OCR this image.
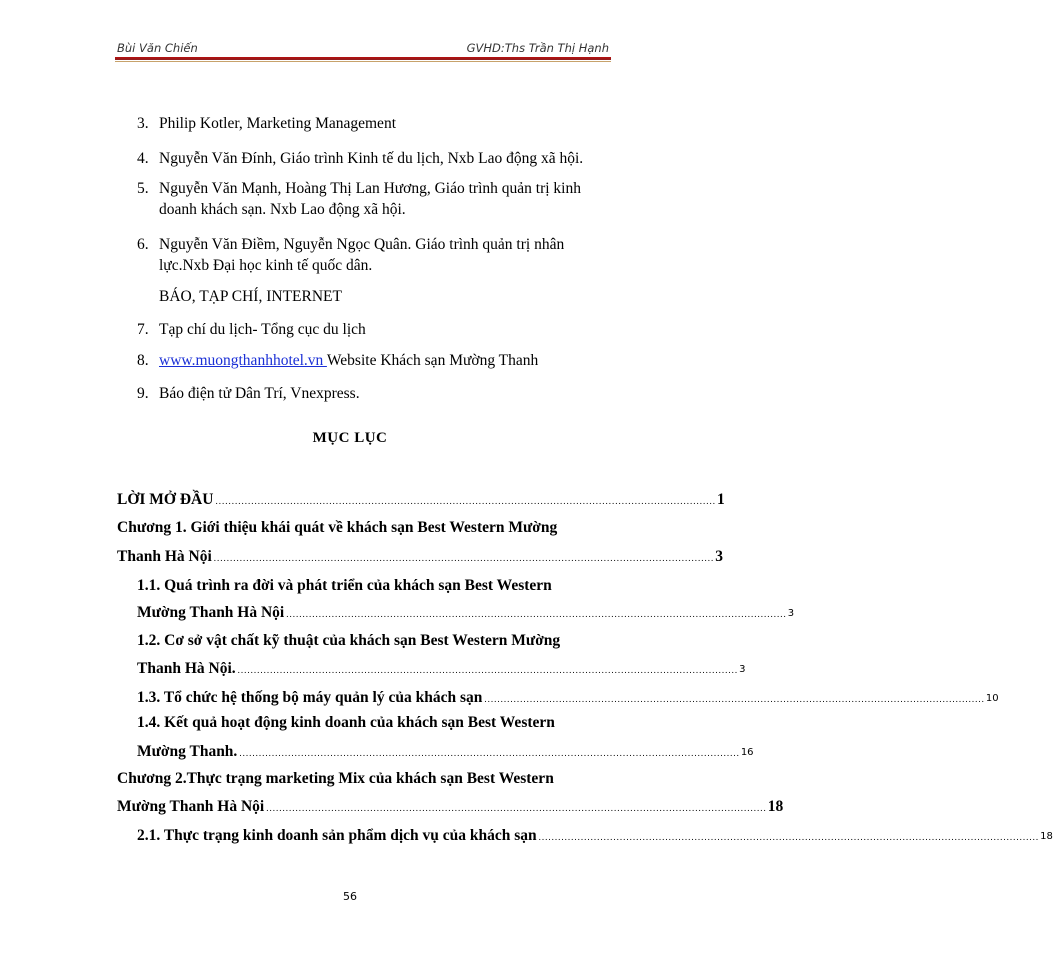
Bùi Văn Chiến	GVHD:Ths Trần Thị Hạnh
3. Philip Kotler, Marketing Management
4. Nguyễn Văn Đính, Giáo trình Kinh tế du lịch, Nxb Lao động xã hội.
5. Nguyễn Văn Mạnh, Hoàng Thị Lan Hương, Giáo trình quản trị kinh
doanh khách sạn. Nxb Lao động xã hội.
6. Nguyễn Văn Điềm, Nguyễn Ngọc Quân. Giáo trình quản trị nhân
lực.Nxb Đại học kinh tế quốc dân.
BÁO, TẠP CHÍ, INTERNET
7. Tạp chí du lịch- Tổng cục du lịch
8. www.muongthanhhotel.vn Website Khách sạn Mường Thanh
9. Báo điện tử Dân Trí, Vnexpress.
MỤC LỤC
LỜI MỞ ĐẦU .......................................................................................................................................................... 1
Chương 1. Giới thiệu khái quát về khách sạn Best Western Mường
Thanh Hà Nội .......................................................................................................................................................... 3
1.1. Quá trình ra đời và phát triển của khách sạn Best Western
Mường Thanh Hà Nội .......................................................................................................................................................... 3
1.2. Cơ sở vật chất kỹ thuật của khách sạn Best Western Mường
Thanh Hà Nội. .......................................................................................................................................................... 3
1.3. Tổ chức hệ thống bộ máy quản lý của khách sạn .......................................................................................................................................................... 10
1.4. Kết quả hoạt động kinh doanh của khách sạn Best Western
Mường Thanh. .......................................................................................................................................................... 16
Chương 2.Thực trạng marketing Mix của khách sạn Best Western
Mường Thanh Hà Nội .......................................................................................................................................................... 18
2.1. Thực trạng kinh doanh sản phẩm dịch vụ của khách sạn .......................................................................................................................................................... 18
56
